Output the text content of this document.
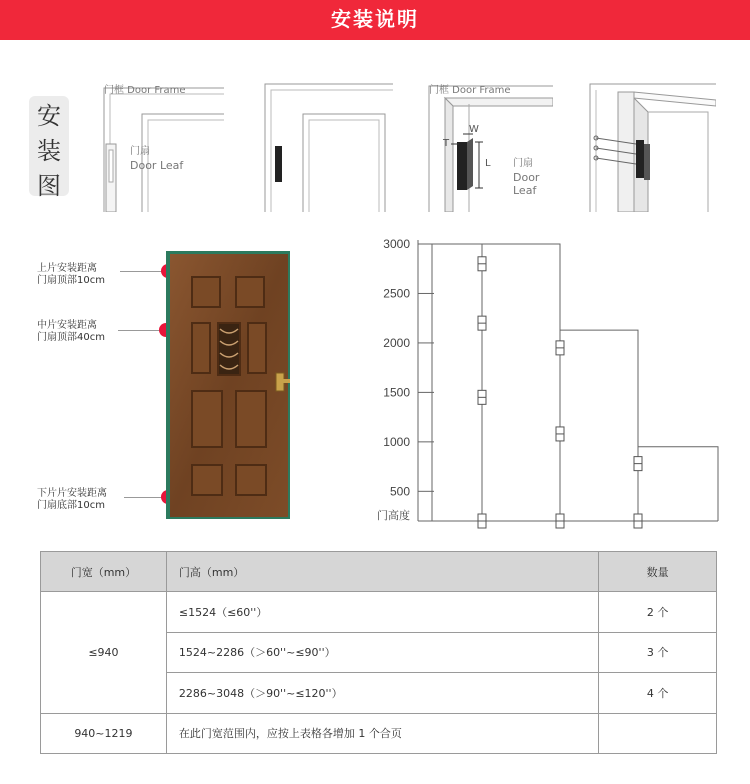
安装说明
安
装
图
门框 Door Frame
门扇
Door Leaf
门框 Door Frame
T
W
L 门扇
Door
Leaf
上片安装距离
门扇顶部10cm
中片安装距离
门扇顶部40cm
下片片安装距离
门扇底部10cm
500
1000
1500
2000
2500
3000
门高度
门宽（mm）	门高（mm）	数量
≤940	≤1524（≤60''）	2 个
	1524~2286（＞60''~≤90''）	3 个
	2286~3048（＞90''~≤120''）	4 个
940~1219	在此门宽范围内，应按上表格各增加 1 个合页	
